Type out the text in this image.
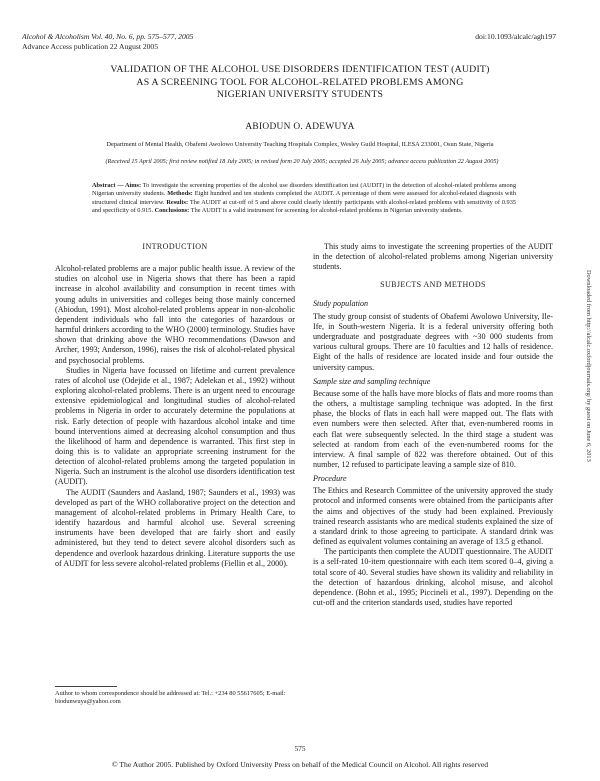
Alcohol & Alcoholism Vol. 40, No. 6, pp. 575–577, 2005
Advance Access publication 22 August 2005
doi:10.1093/alcalc/agh197
VALIDATION OF THE ALCOHOL USE DISORDERS IDENTIFICATION TEST (AUDIT)
AS A SCREENING TOOL FOR ALCOHOL-RELATED PROBLEMS AMONG
NIGERIAN UNIVERSITY STUDENTS
ABIODUN O. ADEWUYA
Department of Mental Health, Obafemi Awolowo University Teaching Hospitals Complex, Wesley Guild Hospital, ILESA 233001, Osun State, Nigeria
(Received 15 April 2005; first review notified 18 July 2005; in revised form 20 July 2005; accepted 26 July 2005; advance access publication 22 August 2005)
Abstract — Aims: To investigate the screening properties of the alcohol use disorders identification test (AUDIT) in the detection of alcohol-related problems among Nigerian university students. Methods: Eight hundred and ten students completed the AUDIT. A percentage of them were assessed for alcohol-related diagnosis with structured clinical interview. Results: The AUDIT at cut-off of 5 and above could clearly identify participants with alcohol-related problems with sensitivity of 0.935 and specificity of 0.915. Conclusions: The AUDIT is a valid instrument for screening for alcohol-related problems in Nigerian university students.
INTRODUCTION

Alcohol-related problems are a major public health issue. A review of the studies on alcohol use in Nigeria shows that there has been a rapid increase in alcohol availability and consumption in recent times with young adults in universities and colleges being those mainly concerned (Abiodun, 1991). Most alcohol-related problems appear in non-alcoholic dependent individuals who fall into the categories of hazardous or harmful drinkers according to the WHO (2000) terminology. Studies have shown that drinking above the WHO recommendations (Dawson and Archer, 1993; Anderson, 1996), raises the risk of alcohol-related physical and psychosocial problems.

Studies in Nigeria have focussed on lifetime and current prevalence rates of alcohol use (Odejide et al., 1987; Adelekan et al., 1992) without exploring alcohol-related problems. There is an urgent need to encourage extensive epidemiological and longitudinal studies of alcohol-related problems in Nigeria in order to accurately determine the populations at risk. Early detection of people with hazardous alcohol intake and time bound interventions aimed at decreasing alcohol consumption and thus the likelihood of harm and dependence is warranted. This first step in doing this is to validate an appropriate screening instrument for the detection of alcohol-related problems among the targeted population in Nigeria. Such an instrument is the alcohol use disorders identification test (AUDIT).

The AUDIT (Saunders and Aasland, 1987; Saunders et al., 1993) was developed as part of the WHO collaborative project on the detection and management of alcohol-related problems in Primary Health Care, to identify hazardous and harmful alcohol use. Several screening instruments have been developed that are fairly short and easily administered, but they tend to detect severe alcohol disorders such as dependence and overlook hazardous drinking. Literature supports the use of AUDIT for less severe alcohol-related problems (Fiellin et al., 2000).

Author to whom correspondence should be addressed at: Tel.: +234 80 55617605; E-mail: biodunwuya@yahoo.com

This study aims to investigate the screening properties of the AUDIT in the detection of alcohol-related problems among Nigerian university students.

SUBJECTS AND METHODS
Study population

The study group consist of students of Obafemi Awolowo University, Ile-Ife, in South-western Nigeria. It is a federal university offering both undergraduate and postgraduate degrees with ~30 000 students from various cultural groups. There are 10 faculties and 12 halls of residence. Eight of the halls of residence are located inside and four outside the university campus.

Sample size and sampling technique

Because some of the halls have more blocks of flats and more rooms than the others, a multistage sampling technique was adopted. In the first phase, the blocks of flats in each hall were mapped out. The flats with even numbers were then selected. After that, even-numbered rooms in each flat were subsequently selected. In the third stage a student was selected at random from each of the even-numbered rooms for the interview. A final sample of 822 was therefore obtained. Out of this number, 12 refused to participate leaving a sample size of 810.

Procedure

The Ethics and Research Committee of the university approved the study protocol and informed consents were obtained from the participants after the aims and objectives of the study had been explained. Previously trained research assistants who are medical students explained the size of a standard drink to those agreeing to participate. A standard drink was defined as equivalent volumes containing an average of 13.5 g ethanol.

The participants then complete the AUDIT questionnaire. The AUDIT is a self-rated 10-item questionnaire with each item scored 0–4, giving a total score of 40. Several studies have shown its validity and reliability in the detection of hazardous drinking, alcohol misuse, and alcohol dependence. (Bohn et al., 1995; Piccineli et al., 1997). Depending on the cut-off and the criterion standards used, studies have reported

575
© The Author 2005. Published by Oxford University Press on behalf of the Medical Council on Alcohol. All rights reserved
Downloaded from http://alcalc.oxfordjournals.org/ by guest on June 6, 2013
